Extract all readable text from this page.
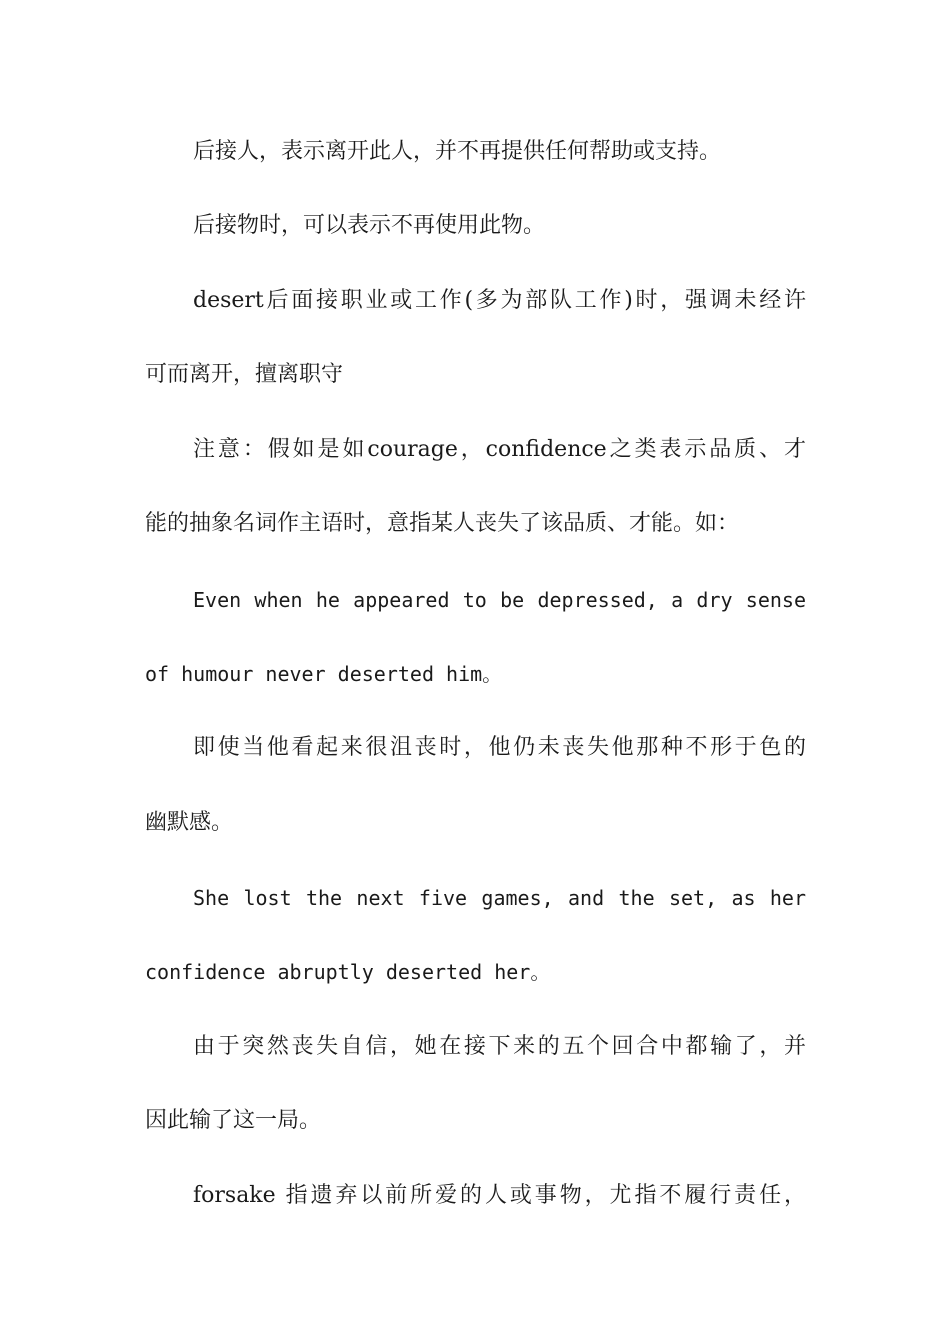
后接人，表示离开此人，并不再提供任何帮助或支持。
后接物时，可以表示不再使用此物。
desert后面接职业或工作(多为部队工作)时，强调未经许
可而离开，擅离职守
注意：假如是如courage，confidence之类表示品质、才
能的抽象名词作主语时，意指某人丧失了该品质、才能。如：
Even when he appeared to be depressed, a dry sense
of humour never deserted him。
即使当他看起来很沮丧时，他仍未丧失他那种不形于色的
幽默感。
She lost the next five games, and the set, as her
confidence abruptly deserted her。
由于突然丧失自信，她在接下来的五个回合中都输了，并
因此输了这一局。
forsake 指遗弃以前所爱的人或事物，尤指不履行责任，
